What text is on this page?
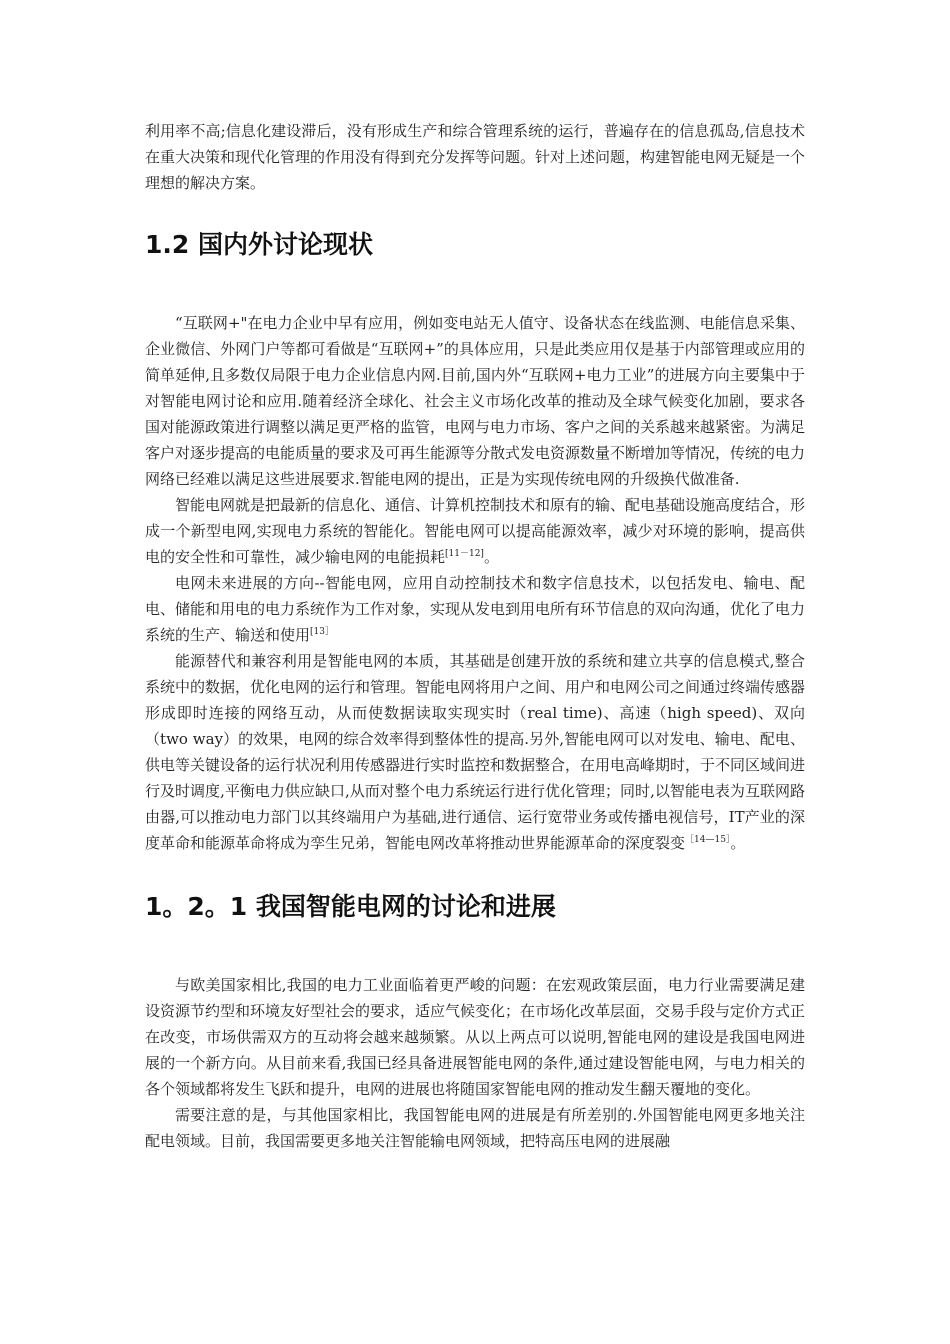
利用率不高;信息化建设滞后，没有形成生产和综合管理系统的运行，普遍存在的信息孤岛,信息技术在重大决策和现代化管理的作用没有得到充分发挥等问题。针对上述问题，构建智能电网无疑是一个理想的解决方案。

1.2 国内外讨论现状

“互联网+"在电力企业中早有应用，例如变电站无人值守、设备状态在线监测、电能信息采集、企业微信、外网门户等都可看做是“互联网+”的具体应用，只是此类应用仅是基于内部管理或应用的简单延伸,且多数仅局限于电力企业信息内网.目前,国内外“互联网+电力工业”的进展方向主要集中于对智能电网讨论和应用.随着经济全球化、社会主义市场化改革的推动及全球气候变化加剧，要求各国对能源政策进行调整以满足更严格的监管，电网与电力市场、客户之间的关系越来越紧密。为满足客户对逐步提高的电能质量的要求及可再生能源等分散式发电资源数量不断增加等情况，传统的电力网络已经难以满足这些进展要求.智能电网的提出，正是为实现传统电网的升级换代做准备.

智能电网就是把最新的信息化、通信、计算机控制技术和原有的输、配电基础设施高度结合，形成一个新型电网,实现电力系统的智能化。智能电网可以提高能源效率，减少对环境的影响，提高供电的安全性和可靠性，减少输电网的电能损耗[11－12]。

电网未来进展的方向--智能电网，应用自动控制技术和数字信息技术，以包括发电、输电、配电、储能和用电的电力系统作为工作对象，实现从发电到用电所有环节信息的双向沟通，优化了电力系统的生产、输送和使用$^{[13]}$

能源替代和兼容利用是智能电网的本质，其基础是创建开放的系统和建立共享的信息模式,整合系统中的数据，优化电网的运行和管理。智能电网将用户之间、用户和电网公司之间通过终端传感器形成即时连接的网络互动，从而使数据读取实现实时（real time)、高速（high speed)、双向（two way）的效果，电网的综合效率得到整体性的提高.另外,智能电网可以对发电、输电、配电、供电等关键设备的运行状况利用传感器进行实时监控和数据整合，在用电高峰期时，于不同区域间进行及时调度,平衡电力供应缺口,从而对整个电力系统运行进行优化管理；同时,以智能电表为互联网路由器,可以推动电力部门以其终端用户为基础,进行通信、运行宽带业务或传播电视信号，IT产业的深度革命和能源革命将成为孪生兄弟，智能电网改革将推动世界能源革命的深度裂变$^{[14—15]}$。

1。2。1 我国智能电网的讨论和进展

与欧美国家相比,我国的电力工业面临着更严峻的问题：在宏观政策层面，电力行业需要满足建设资源节约型和环境友好型社会的要求，适应气候变化；在市场化改革层面，交易手段与定价方式正在改变，市场供需双方的互动将会越来越频繁。从以上两点可以说明,智能电网的建设是我国电网进展的一个新方向。从目前来看,我国已经具备进展智能电网的条件,通过建设智能电网，与电力相关的各个领域都将发生飞跃和提升，电网的进展也将随国家智能电网的推动发生翻天覆地的变化。

需要注意的是，与其他国家相比，我国智能电网的进展是有所差别的.外国智能电网更多地关注配电领域。目前，我国需要更多地关注智能输电网领域，把特高压电网的进展融
